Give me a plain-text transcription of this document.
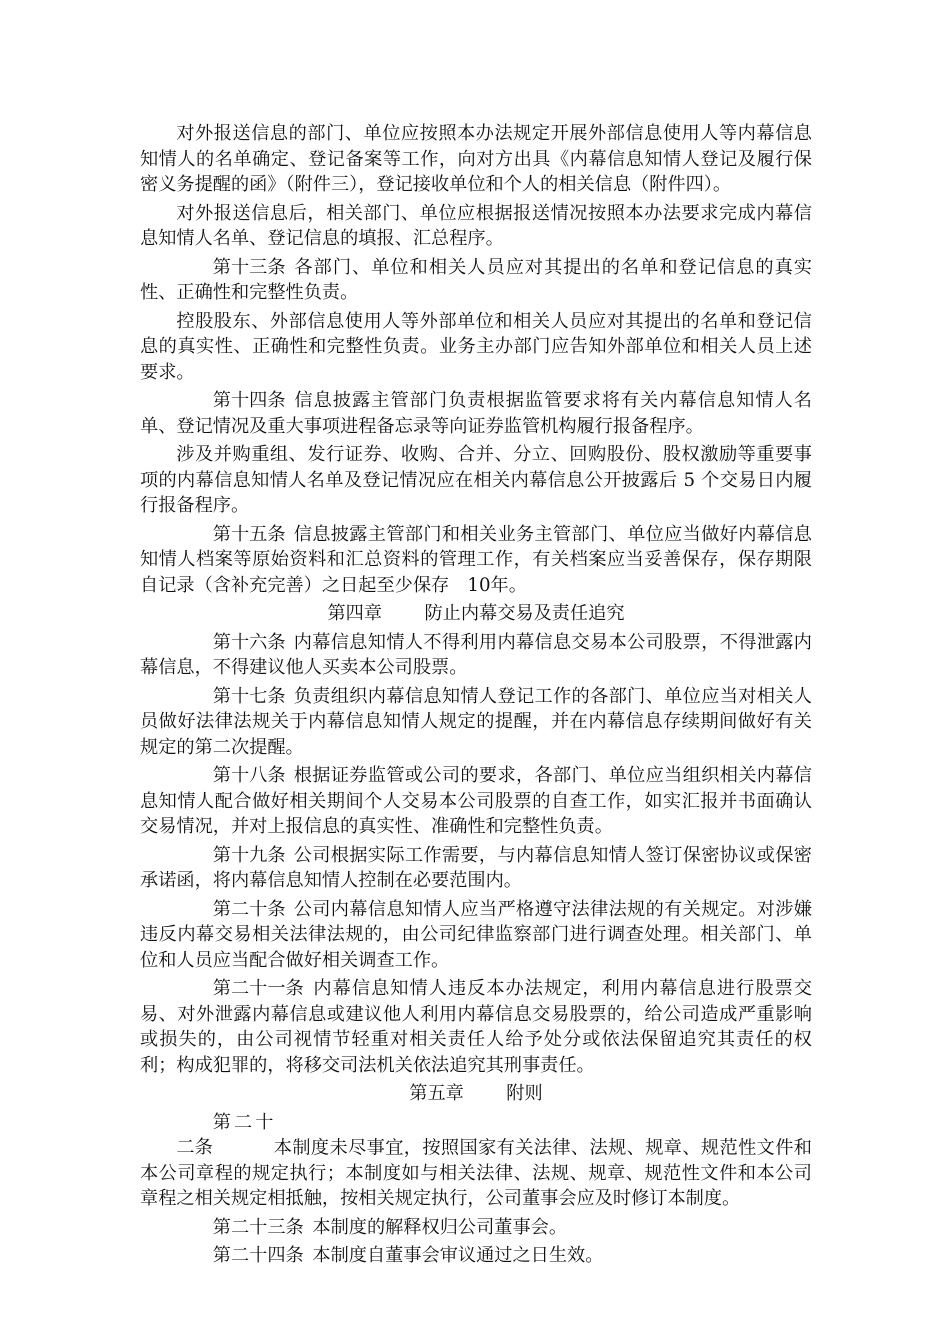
对外报送信息的部门、单位应按照本办法规定开展外部信息使用人等内幕信息知情人的名单确定、登记备案等工作，向对方出具《内幕信息知情人登记及履行保密义务提醒的函》（附件三），登记接收单位和个人的相关信息（附件四）。

对外报送信息后，相关部门、单位应根据报送情况按照本办法要求完成内幕信息知情人名单、登记信息的填报、汇总程序。

第十三条 各部门、单位和相关人员应对其提出的名单和登记信息的真实性、正确性和完整性负责。

控股股东、外部信息使用人等外部单位和相关人员应对其提出的名单和登记信息的真实性、正确性和完整性负责。业务主办部门应告知外部单位和相关人员上述要求。

第十四条 信息披露主管部门负责根据监管要求将有关内幕信息知情人名单、登记情况及重大事项进程备忘录等向证券监管机构履行报备程序。

涉及并购重组、发行证券、收购、合并、分立、回购股份、股权激励等重要事项的内幕信息知情人名单及登记情况应在相关内幕信息公开披露后 5 个交易日内履行报备程序。

第十五条 信息披露主管部门和相关业务主管部门、单位应当做好内幕信息知情人档案等原始资料和汇总资料的管理工作，有关档案应当妥善保存，保存期限自记录（含补充完善）之日起至少保存　10年。

第四章 防止内幕交易及责任追究

第十六条 内幕信息知情人不得利用内幕信息交易本公司股票，不得泄露内幕信息，不得建议他人买卖本公司股票。

第十七条 负责组织内幕信息知情人登记工作的各部门、单位应当对相关人员做好法律法规关于内幕信息知情人规定的提醒，并在内幕信息存续期间做好有关规定的第二次提醒。

第十八条 根据证券监管或公司的要求，各部门、单位应当组织相关内幕信息知情人配合做好相关期间个人交易本公司股票的自查工作，如实汇报并书面确认交易情况，并对上报信息的真实性、准确性和完整性负责。

第十九条 公司根据实际工作需要，与内幕信息知情人签订保密协议或保密承诺函，将内幕信息知情人控制在必要范围内。

第二十条 公司内幕信息知情人应当严格遵守法律法规的有关规定。对涉嫌违反内幕交易相关法律法规的，由公司纪律监察部门进行调查处理。相关部门、单位和人员应当配合做好相关调查工作。

第二十一条 内幕信息知情人违反本办法规定，利用内幕信息进行股票交易、对外泄露内幕信息或建议他人利用内幕信息交易股票的，给公司造成严重影响或损失的，由公司视情节轻重对相关责任人给予处分或依法保留追究其责任的权利；构成犯罪的，将移交司法机关依法追究其刑事责任。

第五章 附则

第二十二条	本制度未尽事宜，按照国家有关法律、法规、规章、规范性文件和本公司章程的规定执行；本制度如与相关法律、法规、规章、规范性文件和本公司章程之相关规定相抵触，按相关规定执行，公司董事会应及时修订本制度。

第二十三条 本制度的解释权归公司董事会。

第二十四条 本制度自董事会审议通过之日生效。
